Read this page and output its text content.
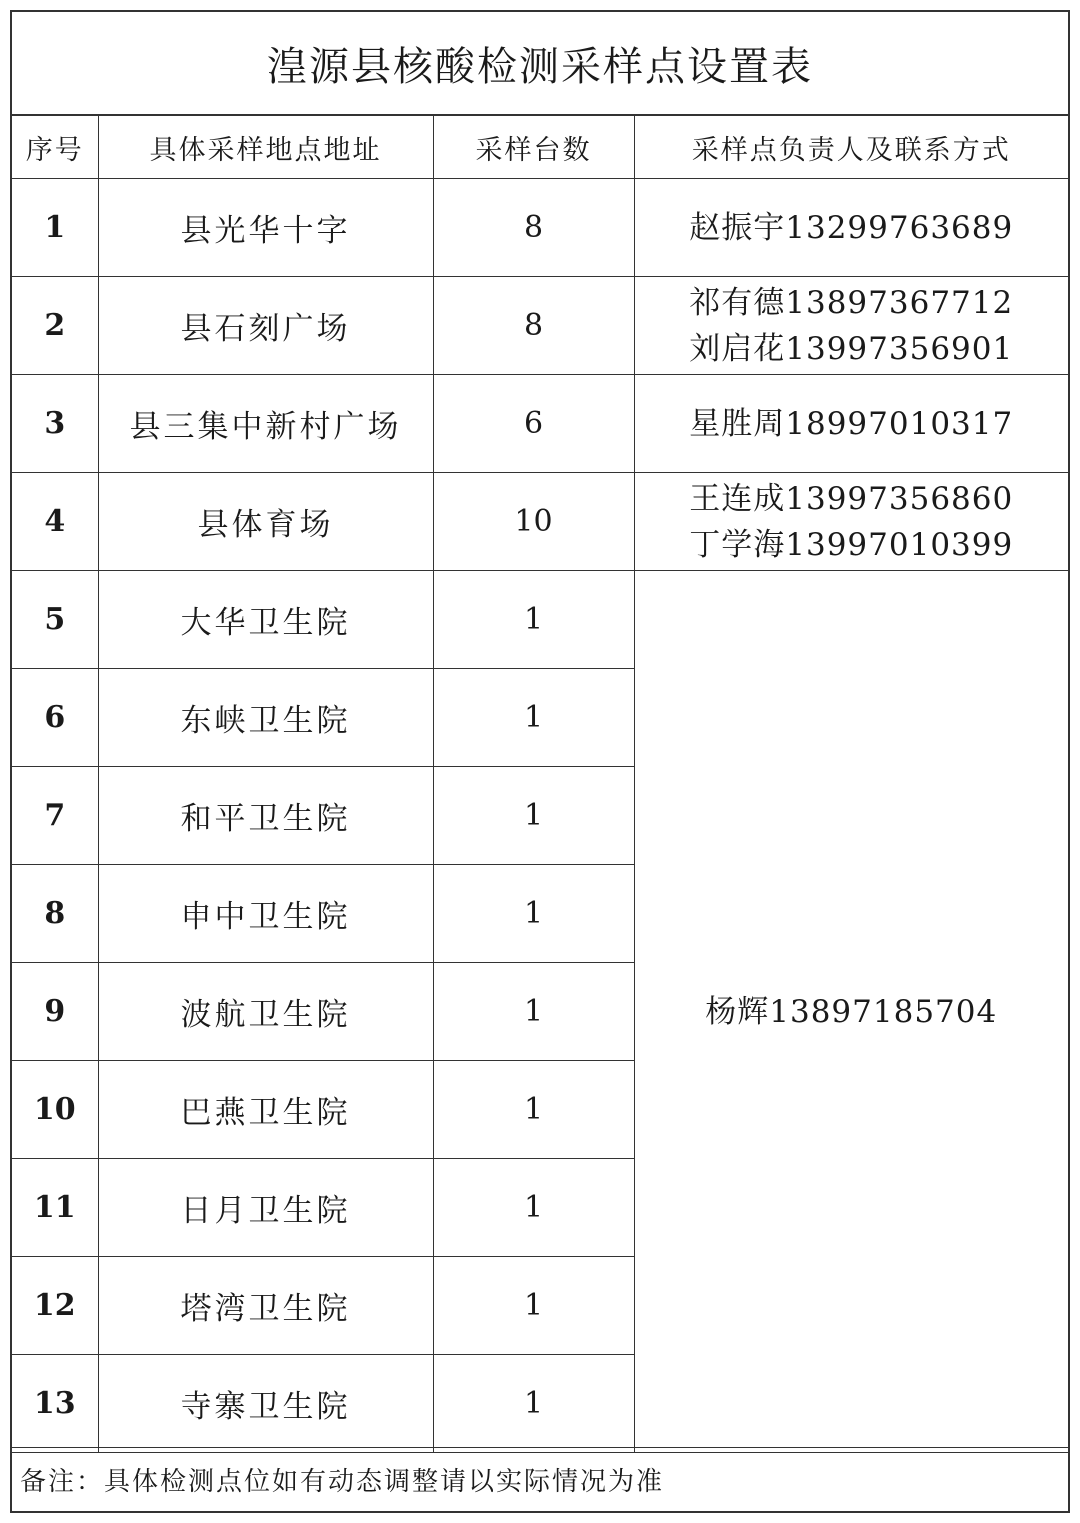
湟源县核酸检测采样点设置表
序号	具体采样地点地址	采样台数	采样点负责人及联系方式
1	县光华十字	8	赵振宇13299763689

2	县石刻广场	8	祁有德13897367712
刘启花13997356901

3	县三集中新村广场	6	星胜周18997010317

4	县体育场	10	王连成13997356860
丁学海13997010399

5	大华卫生院	1	杨辉13897185704
6	东峡卫生院	1	
7	和平卫生院	1	
8	申中卫生院	1	
9	波航卫生院	1	
10	巴燕卫生院	1	
11	日月卫生院	1	
12	塔湾卫生院	1	
13	寺寨卫生院	1	
备注：具体检测点位如有动态调整请以实际情况为准
